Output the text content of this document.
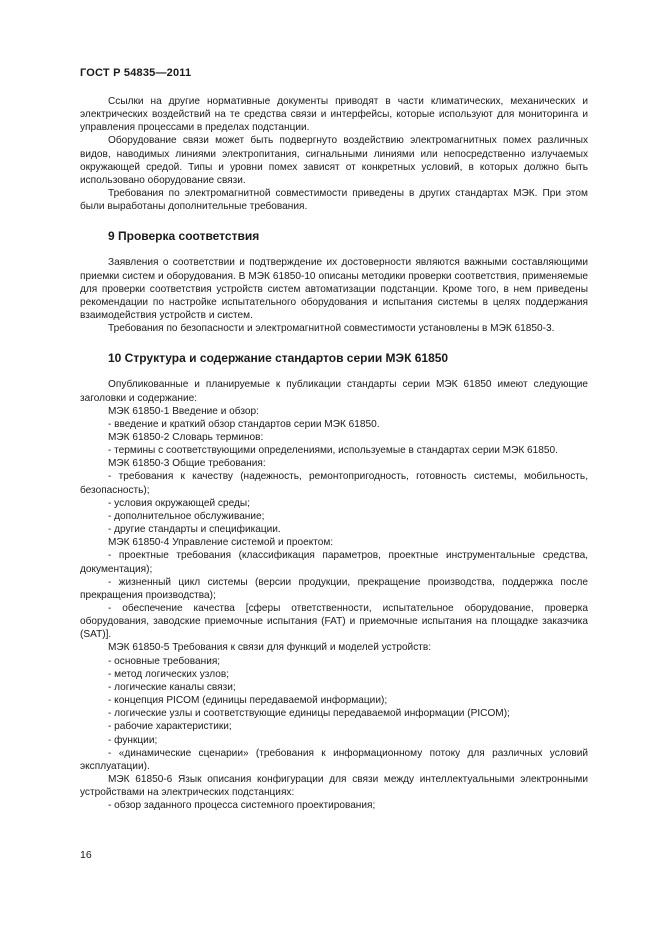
ГОСТ Р 54835—2011

Ссылки на другие нормативные документы приводят в части климатических, механических и электрических воздействий на те средства связи и интерфейсы, которые используют для мониторинга и управления процессами в пределах подстанции.

Оборудование связи может быть подвергнуто воздействию электромагнитных помех различных видов, наводимых линиями электропитания, сигнальными линиями или непосредственно излучаемых окружающей средой. Типы и уровни помех зависят от конкретных условий, в которых должно быть использовано оборудование связи.

Требования по электромагнитной совместимости приведены в других стандартах МЭК. При этом были выработаны дополнительные требования.

9 Проверка соответствия

Заявления о соответствии и подтверждение их достоверности являются важными составляющими приемки систем и оборудования. В МЭК 61850-10 описаны методики проверки соответствия, применяемые для проверки соответствия устройств систем автоматизации подстанции. Кроме того, в нем приведены рекомендации по настройке испытательного оборудования и испытания системы в целях поддержания взаимодействия устройств и систем.

Требования по безопасности и электромагнитной совместимости установлены в МЭК 61850-3.

10 Структура и содержание стандартов серии МЭК 61850

Опубликованные и планируемые к публикации стандарты серии МЭК 61850 имеют следующие заголовки и содержание:

МЭК 61850-1 Введение и обзор:

- введение и краткий обзор стандартов серии МЭК 61850.

МЭК 61850-2 Словарь терминов:

- термины с соответствующими определениями, используемые в стандартах серии МЭК 61850.

МЭК 61850-3 Общие требования:

- требования к качеству (надежность, ремонтопригодность, готовность системы, мобильность, безопасность);

- условия окружающей среды;

- дополнительное обслуживание;

- другие стандарты и спецификации.

МЭК 61850-4 Управление системой и проектом:

- проектные требования (классификация параметров, проектные инструментальные средства, документация);

- жизненный цикл системы (версии продукции, прекращение производства, поддержка после прекращения производства);

- обеспечение качества [сферы ответственности, испытательное оборудование, проверка оборудования, заводские приемочные испытания (FAT) и приемочные испытания на площадке заказчика (SAT)].

МЭК 61850-5 Требования к связи для функций и моделей устройств:

- основные требования;

- метод логических узлов;

- логические каналы связи;

- концепция PICOM (единицы передаваемой информации);

- логические узлы и соответствующие единицы передаваемой информации (PICOM);

- рабочие характеристики;

- функции;

- «динамические сценарии» (требования к информационному потоку для различных условий эксплуатации).

МЭК 61850-6 Язык описания конфигурации для связи между интеллектуальными электронными устройствами на электрических подстанциях:

- обзор заданного процесса системного проектирования;

16
